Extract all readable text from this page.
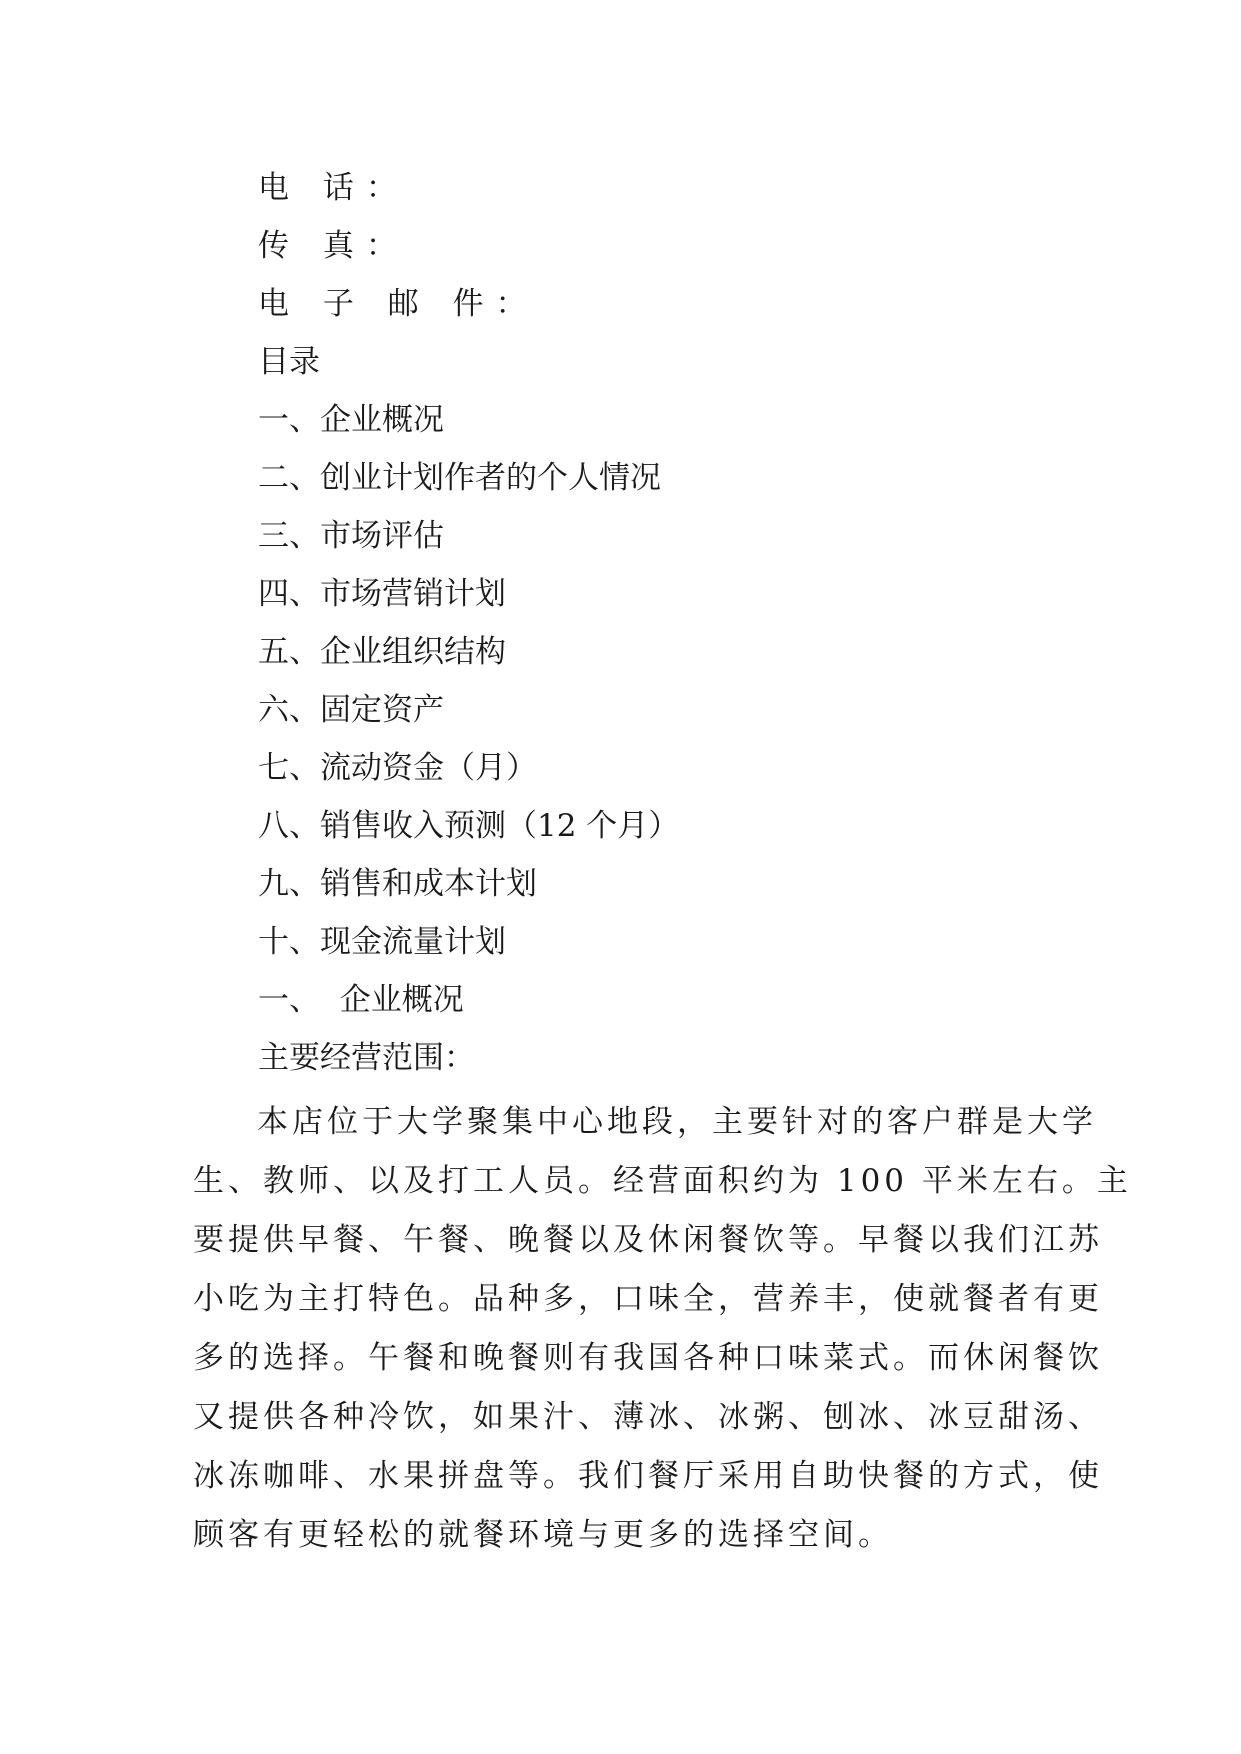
电 话：
传 真：
电 子 邮 件：
目录
一、企业概况
二、创业计划作者的个人情况
三、市场评估
四、市场营销计划
五、企业组织结构
六、固定资产
七、流动资金（月）
八、销售收入预测（12 个月）
九、销售和成本计划
十、现金流量计划
一、  企业概况
主要经营范围：
本店位于大学聚集中心地段，主要针对的客户群是大学
生、教师、以及打工人员。经营面积约为 100 平米左右。主
要提供早餐、午餐、晚餐以及休闲餐饮等。早餐以我们江苏
小吃为主打特色。品种多，口味全，营养丰，使就餐者有更
多的选择。午餐和晚餐则有我国各种口味菜式。而休闲餐饮
又提供各种冷饮，如果汁、薄冰、冰粥、刨冰、冰豆甜汤、
冰冻咖啡、水果拼盘等。我们餐厅采用自助快餐的方式，使
顾客有更轻松的就餐环境与更多的选择空间。
